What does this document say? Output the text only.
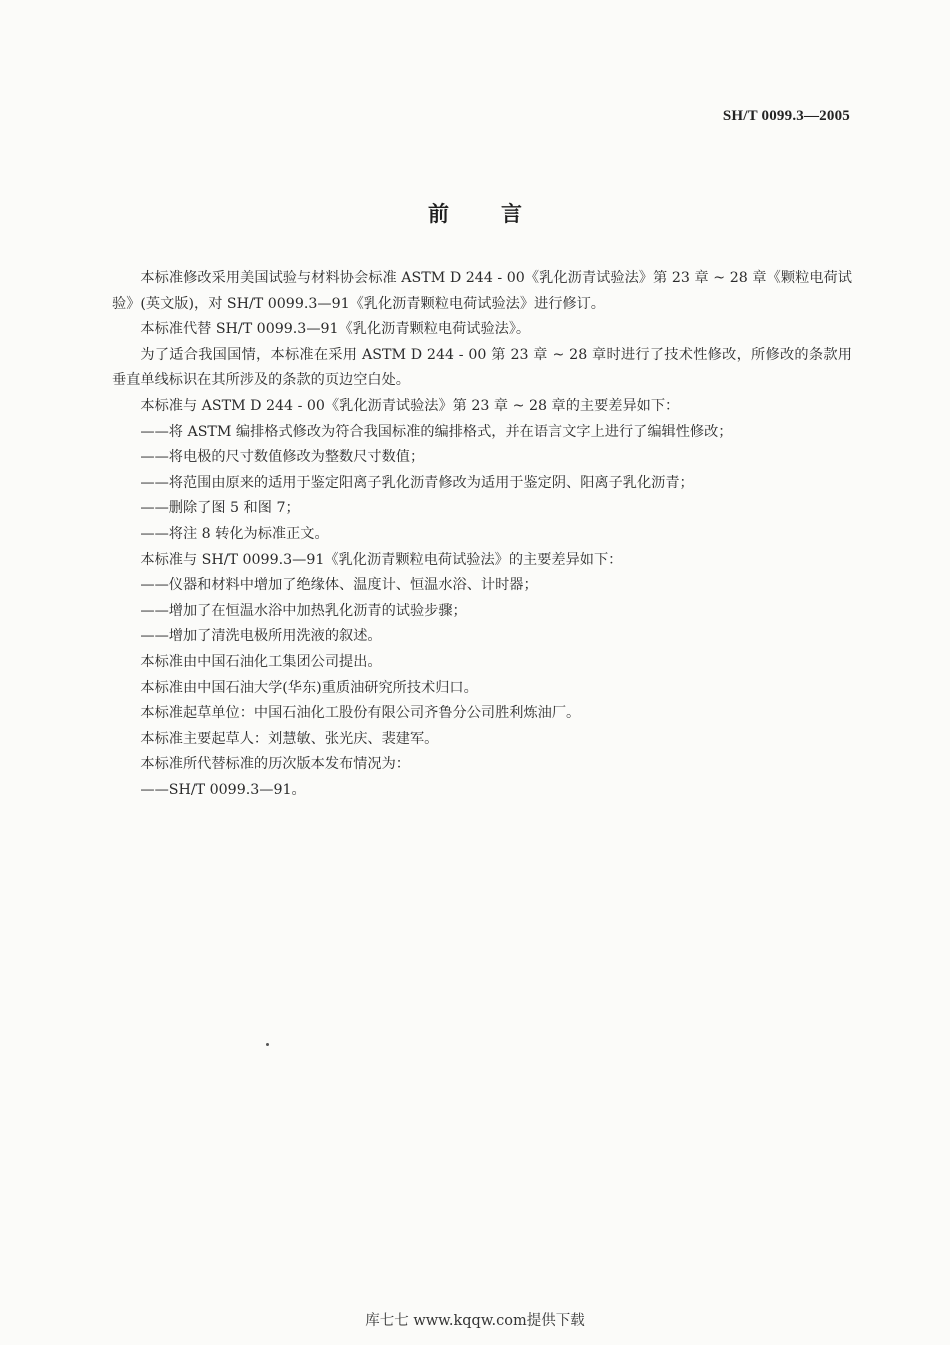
SH/T 0099.3—2005
前言

本标准修改采用美国试验与材料协会标准 ASTM D 244 - 00《乳化沥青试验法》第 23 章 ~ 28 章《颗粒电荷试验》(英文版)，对 SH/T 0099.3—91《乳化沥青颗粒电荷试验法》进行修订。

本标准代替 SH/T 0099.3—91《乳化沥青颗粒电荷试验法》。

为了适合我国国情，本标准在采用 ASTM D 244 - 00 第 23 章 ~ 28 章时进行了技术性修改，所修改的条款用垂直单线标识在其所涉及的条款的页边空白处。

本标准与 ASTM D 244 - 00《乳化沥青试验法》第 23 章 ~ 28 章的主要差异如下：

——将 ASTM 编排格式修改为符合我国标准的编排格式，并在语言文字上进行了编辑性修改；

——将电极的尺寸数值修改为整数尺寸数值；

——将范围由原来的适用于鉴定阳离子乳化沥青修改为适用于鉴定阴、阳离子乳化沥青；

——删除了图 5 和图 7；

——将注 8 转化为标准正文。

本标准与 SH/T 0099.3—91《乳化沥青颗粒电荷试验法》的主要差异如下：

——仪器和材料中增加了绝缘体、温度计、恒温水浴、计时器；

——增加了在恒温水浴中加热乳化沥青的试验步骤；

——增加了清洗电极所用洗液的叙述。

本标准由中国石油化工集团公司提出。

本标准由中国石油大学(华东)重质油研究所技术归口。

本标准起草单位：中国石油化工股份有限公司齐鲁分公司胜利炼油厂。

本标准主要起草人：刘慧敏、张光庆、裴建军。

本标准所代替标准的历次版本发布情况为：

——SH/T 0099.3—91。

库七七 www.kqqw.com提供下载
